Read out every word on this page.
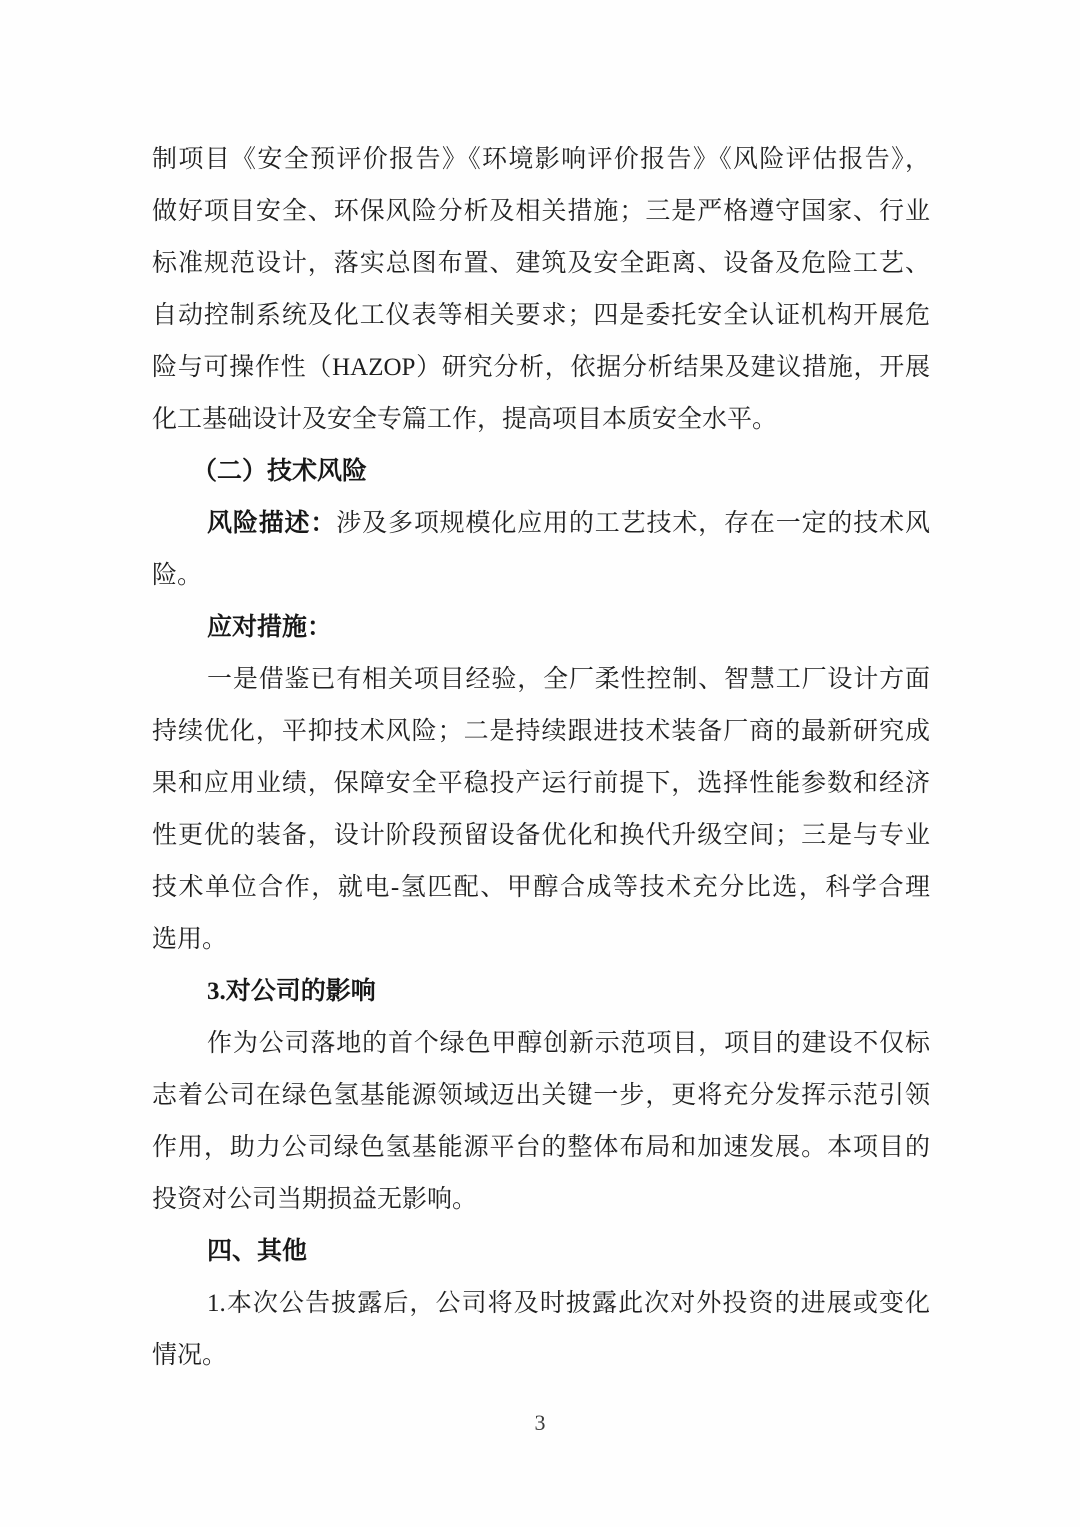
制项目《安全预评价报告》《环境影响评价报告》《风险评估报告》，
做好项目安全、环保风险分析及相关措施；三是严格遵守国家、行业
标准规范设计，落实总图布置、建筑及安全距离、设备及危险工艺、
自动控制系统及化工仪表等相关要求；四是委托安全认证机构开展危
险与可操作性（HAZOP）研究分析，依据分析结果及建议措施，开展
化工基础设计及安全专篇工作，提高项目本质安全水平。
（二）技术风险
风险描述：涉及多项规模化应用的工艺技术，存在一定的技术风
险。
应对措施：
一是借鉴已有相关项目经验，全厂柔性控制、智慧工厂设计方面
持续优化，平抑技术风险；二是持续跟进技术装备厂商的最新研究成
果和应用业绩，保障安全平稳投产运行前提下，选择性能参数和经济
性更优的装备，设计阶段预留设备优化和换代升级空间；三是与专业
技术单位合作，就电-氢匹配、甲醇合成等技术充分比选，科学合理
选用。
3.对公司的影响
作为公司落地的首个绿色甲醇创新示范项目，项目的建设不仅标
志着公司在绿色氢基能源领域迈出关键一步，更将充分发挥示范引领
作用，助力公司绿色氢基能源平台的整体布局和加速发展。本项目的
投资对公司当期损益无影响。
四、其他
1.本次公告披露后，公司将及时披露此次对外投资的进展或变化
情况。
3
